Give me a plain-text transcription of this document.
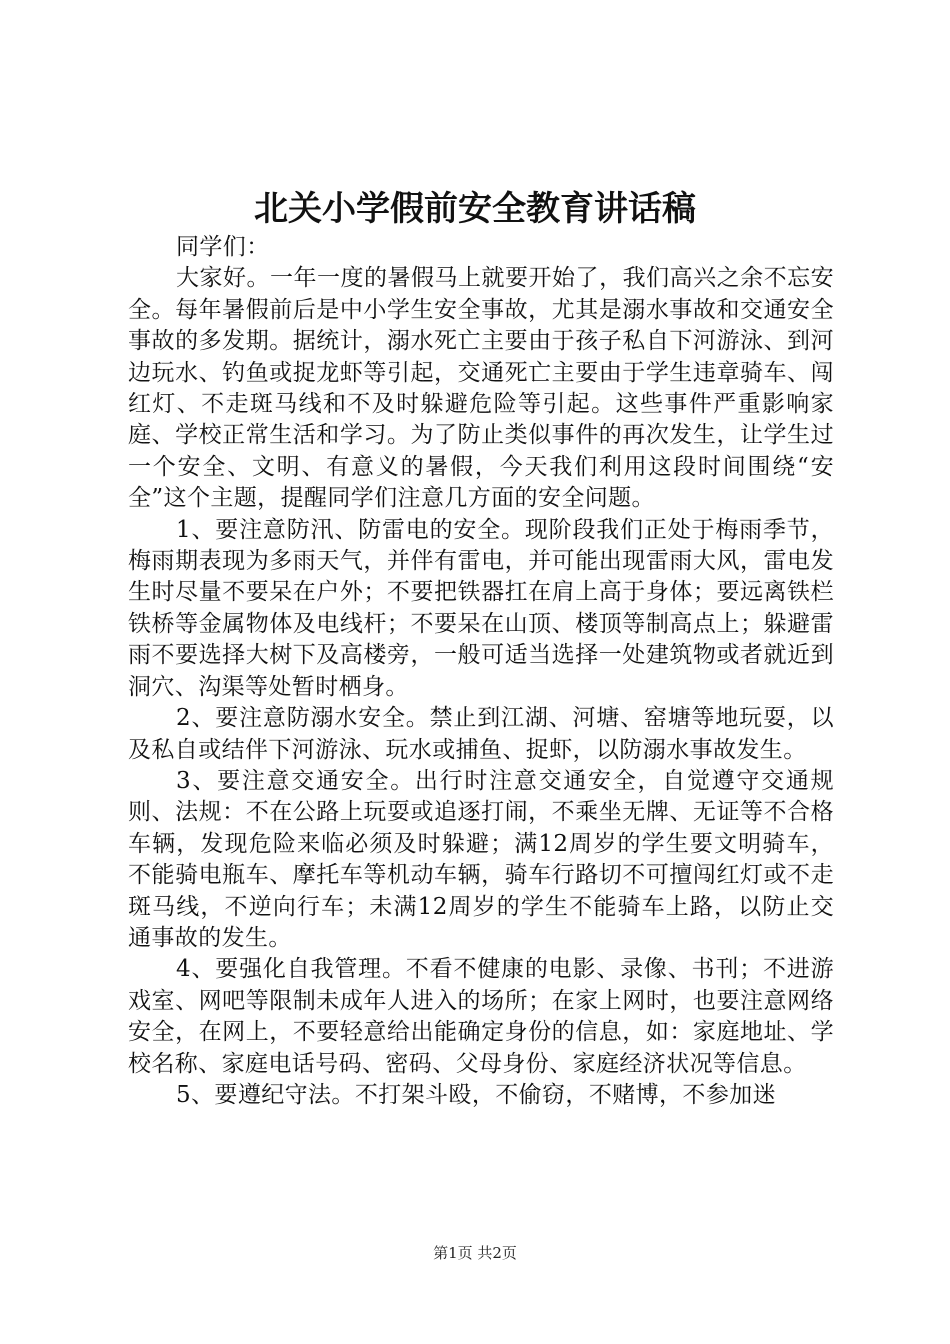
北关小学假前安全教育讲话稿

同学们：

大家好。一年一度的暑假马上就要开始了，我们高兴之余不忘安全。每年暑假前后是中小学生安全事故，尤其是溺水事故和交通安全事故的多发期。据统计，溺水死亡主要由于孩子私自下河游泳、到河边玩水、钓鱼或捉龙虾等引起，交通死亡主要由于学生违章骑车、闯红灯、不走斑马线和不及时躲避危险等引起。这些事件严重影响家庭、学校正常生活和学习。为了防止类似事件的再次发生，让学生过一个安全、文明、有意义的暑假，今天我们利用这段时间围绕“安全”这个主题，提醒同学们注意几方面的安全问题。

1、要注意防汛、防雷电的安全。现阶段我们正处于梅雨季节，梅雨期表现为多雨天气，并伴有雷电，并可能出现雷雨大风，雷电发生时尽量不要呆在户外；不要把铁器扛在肩上高于身体；要远离铁栏铁桥等金属物体及电线杆；不要呆在山顶、楼顶等制高点上；躲避雷雨不要选择大树下及高楼旁，一般可适当选择一处建筑物或者就近到洞穴、沟渠等处暂时栖身。

2、要注意防溺水安全。禁止到江湖、河塘、窑塘等地玩耍，以及私自或结伴下河游泳、玩水或捕鱼、捉虾，以防溺水事故发生。

3、要注意交通安全。出行时注意交通安全，自觉遵守交通规则、法规：不在公路上玩耍或追逐打闹，不乘坐无牌、无证等不合格车辆，发现危险来临必须及时躲避；满12周岁的学生要文明骑车，不能骑电瓶车、摩托车等机动车辆，骑车行路切不可擅闯红灯或不走斑马线，不逆向行车；未满12周岁的学生不能骑车上路，以防止交通事故的发生。

4、要强化自我管理。不看不健康的电影、录像、书刊；不进游戏室、网吧等限制未成年人进入的场所；在家上网时，也要注意网络安全，在网上，不要轻意给出能确定身份的信息，如：家庭地址、学校名称、家庭电话号码、密码、父母身份、家庭经济状况等信息。

5、要遵纪守法。不打架斗殴，不偷窃，不赌博，不参加迷

第1页 共2页
